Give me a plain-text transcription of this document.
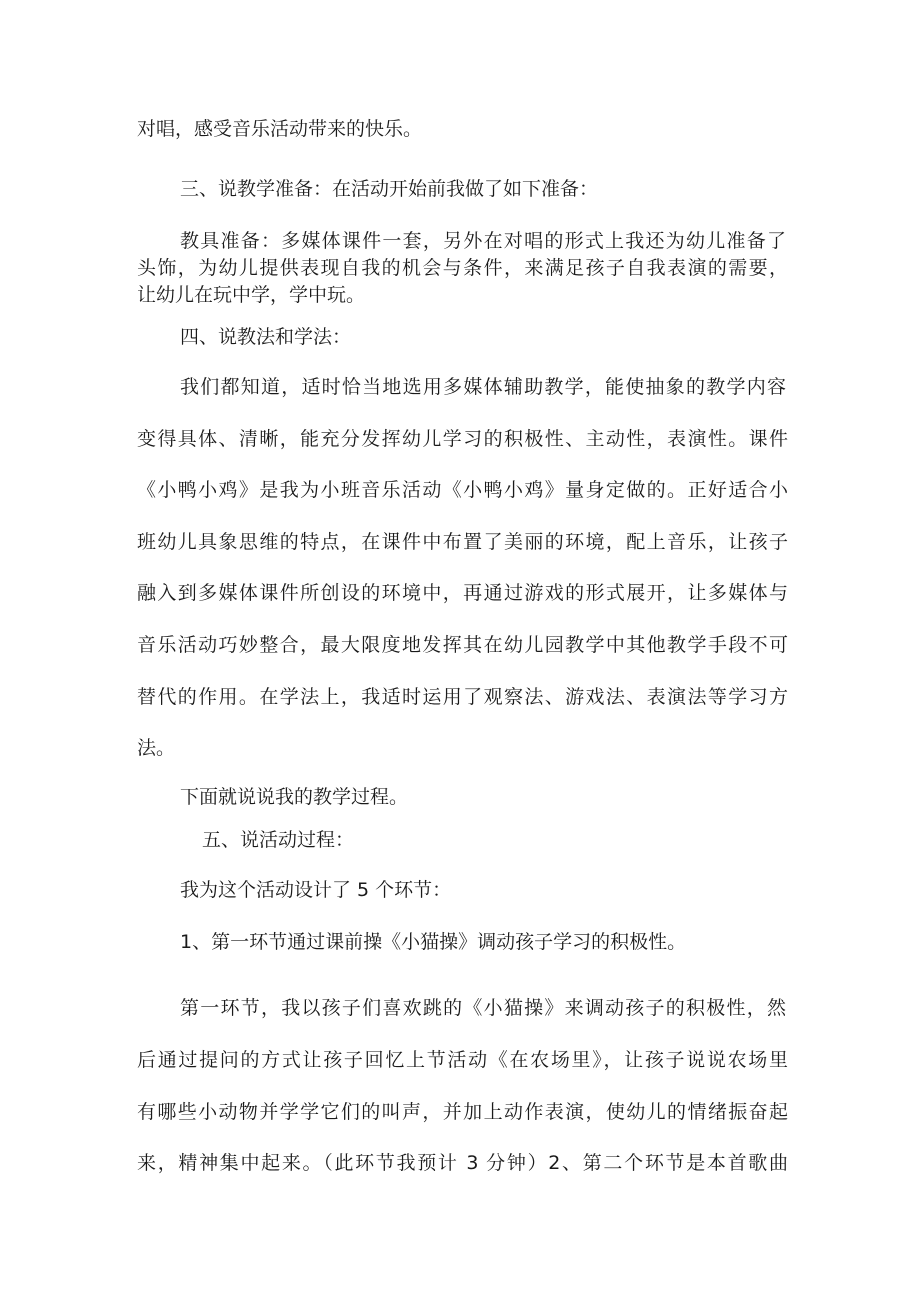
对唱，感受音乐活动带来的快乐。

三、说教学准备：在活动开始前我做了如下准备：

教具准备：多媒体课件一套，另外在对唱的形式上我还为幼儿准备了

头饰，为幼儿提供表现自我的机会与条件，来满足孩子自我表演的需要，

让幼儿在玩中学，学中玩。

四、说教法和学法：

我们都知道，适时恰当地选用多媒体辅助教学，能使抽象的教学内容

变得具体、清晰，能充分发挥幼儿学习的积极性、主动性，表演性。课件

《小鸭小鸡》是我为小班音乐活动《小鸭小鸡》量身定做的。正好适合小

班幼儿具象思维的特点，在课件中布置了美丽的环境，配上音乐，让孩子

融入到多媒体课件所创设的环境中，再通过游戏的形式展开，让多媒体与

音乐活动巧妙整合，最大限度地发挥其在幼儿园教学中其他教学手段不可

替代的作用。在学法上，我适时运用了观察法、游戏法、表演法等学习方

法。

下面就说说我的教学过程。

五、说活动过程：

我为这个活动设计了 5 个环节：

1、第一环节通过课前操《小猫操》调动孩子学习的积极性。

第一环节，我以孩子们喜欢跳的《小猫操》来调动孩子的积极性，然

后通过提问的方式让孩子回忆上节活动《在农场里》，让孩子说说农场里

有哪些小动物并学学它们的叫声，并加上动作表演，使幼儿的情绪振奋起

来，精神集中起来。（此环节我预计 3 分钟）2、第二个环节是本首歌曲
